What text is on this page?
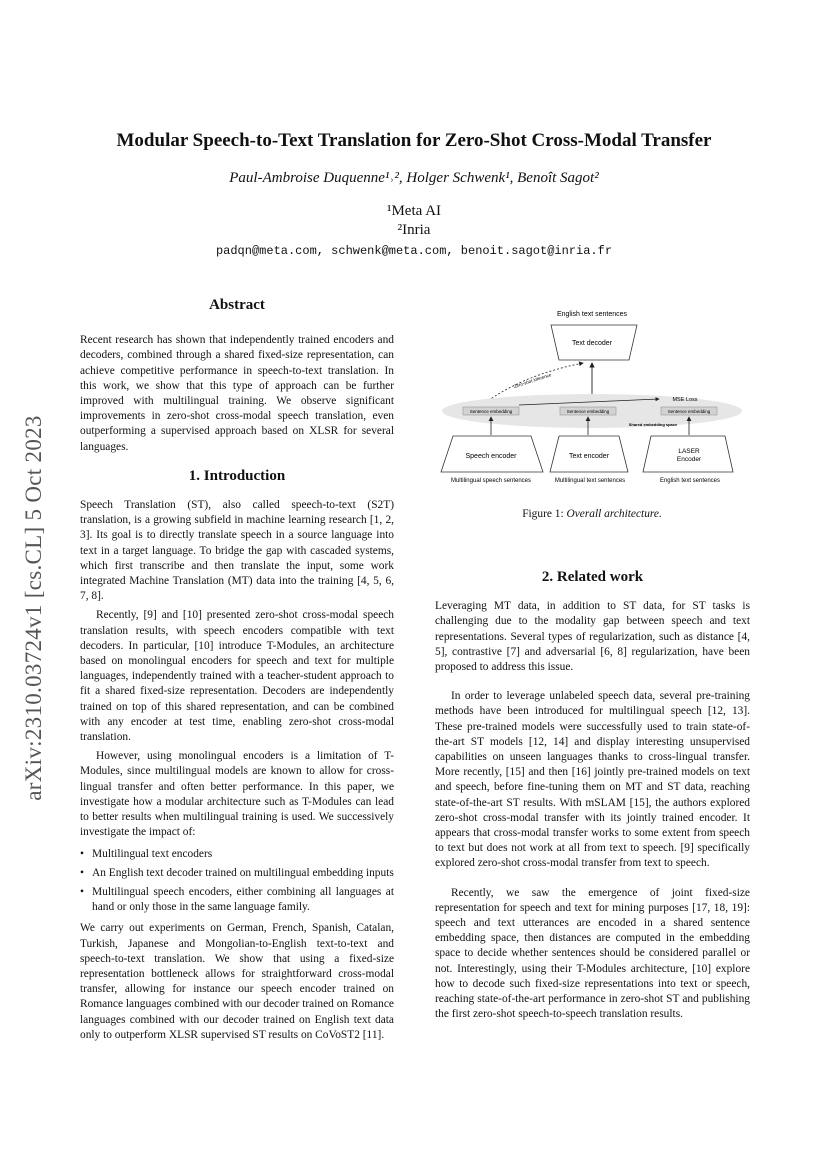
arXiv:2310.03724v1 [cs.CL] 5 Oct 2023
Modular Speech-to-Text Translation for Zero-Shot Cross-Modal Transfer
Paul-Ambroise Duquenne¹˒², Holger Schwenk¹, Benoît Sagot²
¹Meta AI
²Inria
padqn@meta.com, schwenk@meta.com, benoit.sagot@inria.fr
Abstract

Recent research has shown that independently trained encoders and decoders, combined through a shared fixed-size representation, can achieve competitive performance in speech-to-text translation. In this work, we show that this type of approach can be further improved with multilingual training. We observe significant improvements in zero-shot cross-modal speech translation, even outperforming a supervised approach based on XLSR for several languages.

1. Introduction

Speech Translation (ST), also called speech-to-text (S2T) translation, is a growing subfield in machine learning research [1, 2, 3]. Its goal is to directly translate speech in a source language into text in a target language. To bridge the gap with cascaded systems, which first transcribe and then translate the input, some work integrated Machine Translation (MT) data into the training [4, 5, 6, 7, 8].

Recently, [9] and [10] presented zero-shot cross-modal speech translation results, with speech encoders compatible with text decoders. In particular, [10] introduce T-Modules, an architecture based on monolingual encoders for speech and text for multiple languages, independently trained with a teacher-student approach to fit a shared fixed-size representation. Decoders are independently trained on top of this shared representation, and can be combined with any encoder at test time, enabling zero-shot cross-modal translation.

However, using monolingual encoders is a limitation of T-Modules, since multilingual models are known to allow for cross-lingual transfer and often better performance. In this paper, we investigate how a modular architecture such as T-Modules can lead to better results when multilingual training is used. We successively investigate the impact of:

• Multilingual text encoders
• An English text decoder trained on multilingual embedding inputs
• Multilingual speech encoders, either combining all languages at hand or only those in the same language family.

We carry out experiments on German, French, Spanish, Catalan, Turkish, Japanese and Mongolian-to-English text-to-text and speech-to-text translation. We show that using a fixed-size representation bottleneck allows for straightforward cross-modal transfer, allowing for instance our speech encoder trained on Romance languages combined with our decoder trained on Romance languages combined with our decoder trained on English text data only to outperform XLSR supervised ST results on CoVoST2 [11].

English text sentences
Text decoder
Zero-shot inference
Sentence embedding	Sentence embedding	Sentence embedding
MSE Loss
Shared embedding space
Speech encoder	Text encoder
LASER
Encoder
Multilingual speech sentences	Multilingual text sentences	English text sentences
Figure 1: Overall architecture.
2. Related work

Leveraging MT data, in addition to ST data, for ST tasks is challenging due to the modality gap between speech and text representations. Several types of regularization, such as distance [4, 5], contrastive [7] and adversarial [6, 8] regularization, have been proposed to address this issue.

In order to leverage unlabeled speech data, several pre-training methods have been introduced for multilingual speech [12, 13]. These pre-trained models were successfully used to train state-of-the-art ST models [12, 14] and display interesting unsupervised capabilities on unseen languages thanks to cross-lingual transfer. More recently, [15] and then [16] jointly pre-trained models on text and speech, before fine-tuning them on MT and ST data, reaching state-of-the-art ST results. With mSLAM [15], the authors explored zero-shot cross-modal transfer with its jointly trained encoder. It appears that cross-modal transfer works to some extent from speech to text but does not work at all from text to speech. [9] specifically explored zero-shot cross-modal transfer from text to speech.

Recently, we saw the emergence of joint fixed-size representation for speech and text for mining purposes [17, 18, 19]: speech and text utterances are encoded in a shared sentence embedding space, then distances are computed in the embedding space to decide whether sentences should be considered parallel or not. Interestingly, using their T-Modules architecture, [10] explore how to decode such fixed-size representations into text or speech, reaching state-of-the-art performance in zero-shot ST and publishing the first zero-shot speech-to-speech translation results.
